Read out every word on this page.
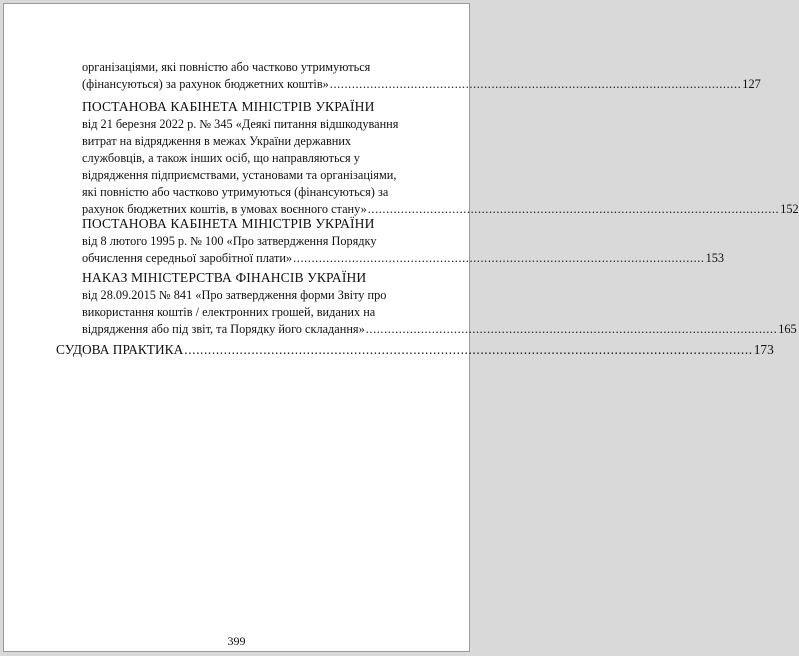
організаціями, які повністю або частково утримуються
(фінансуються) за рахунок бюджетних коштів» ................................................................................................................ 127
ПОСТАНОВА КАБІНЕТА МІНІСТРІВ УКРАЇНИ
від 21 березня 2022 р. № 345 «Деякі питання відшкодування
витрат на відрядження в межах України державних
службовців, а також інших осіб, що направляються у
відрядження підприємствами, установами та організаціями,
які повністю або частково утримуються (фінансуються) за
рахунок бюджетних коштів, в умовах воєнного стану» ................................................................................................................ 152
ПОСТАНОВА КАБІНЕТА МІНІСТРІВ УКРАЇНИ
від 8 лютого 1995 р. № 100 «Про затвердження Порядку
обчислення середньої заробітної плати» ................................................................................................................ 153
НАКАЗ МІНІСТЕРСТВА ФІНАНСІВ УКРАЇНИ
від 28.09.2015 № 841 «Про затвердження форми Звіту про
використання коштів / електронних грошей, виданих на
відрядження або під звіт, та Порядку його складання» ................................................................................................................ 165
СУДОВА ПРАКТИКА ................................................................................................................................................ 173
399
